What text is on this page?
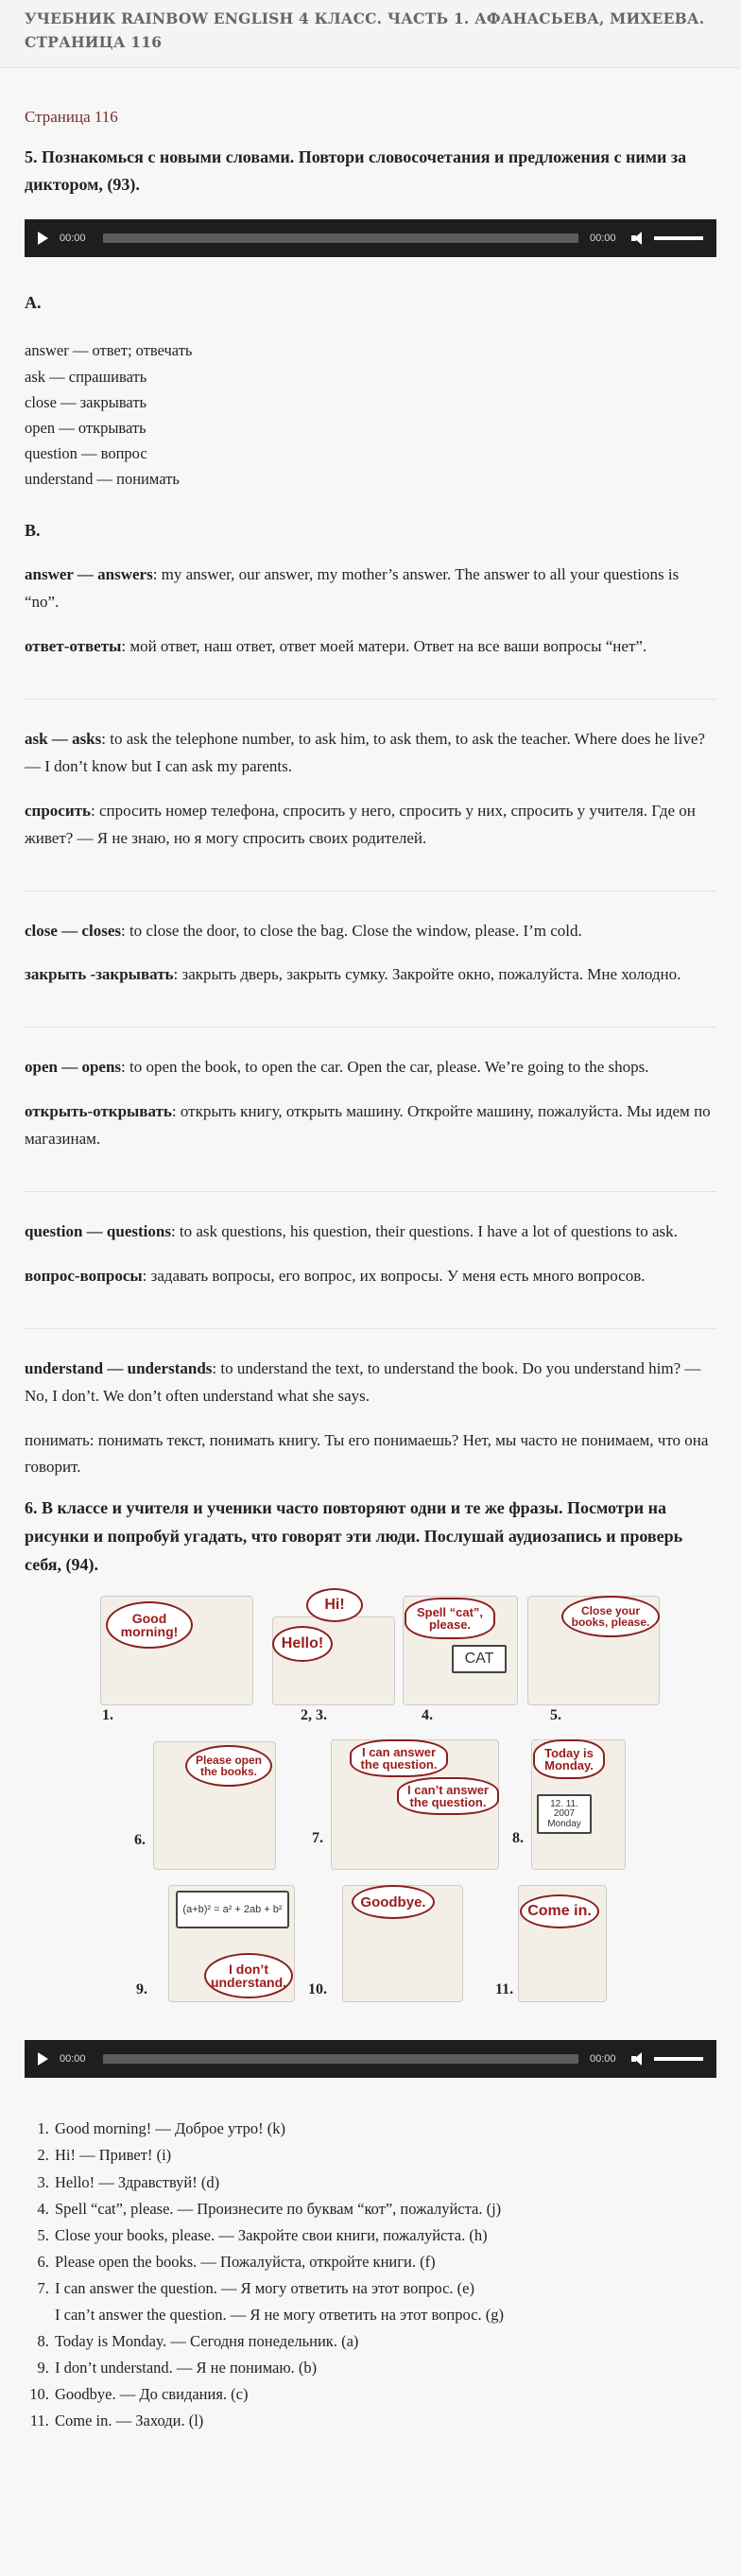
УЧЕБНИК RAINBOW ENGLISH 4 КЛАСС. ЧАСТЬ 1. АФАНАСЬЕВА, МИХЕЕВА. СТРАНИЦА 116
Страница 116
5. Познакомься с новыми словами. Повтори словосочетания и предложения с ними за диктором, (93).
00:00	00:00
А.
answer — ответ; отвечать
ask — спрашивать
close — закрывать
open — открывать
question — вопрос
understand — понимать
В.

answer — answers: my answer, our answer, my mother’s answer. The answer to all your questions is “no”.

ответ-ответы: мой ответ, наш ответ, ответ моей матери. Ответ на все ваши вопросы “нет”.

ask — asks: to ask the telephone number, to ask him, to ask them, to ask the teacher. Where does he live? — I don’t know but I can ask my parents.

спросить: спросить номер телефона, спросить у него, спросить у них, спросить у учителя. Где он живет? — Я не знаю, но я могу спросить своих родителей.

close — closes: to close the door, to close the bag. Close the window, please. I’m cold.

закрыть -закрывать: закрыть дверь, закрыть сумку. Закройте окно, пожалуйста. Мне холодно.

open — opens: to open the book, to open the car. Open the car, please. We’re going to the shops.

открыть-открывать: открыть книгу, открыть машину. Откройте машину, пожалуйста. Мы идем по магазинам.

question — questions: to ask questions, his question, their questions. I have a lot of questions to ask.

вопрос-вопросы: задавать вопросы, его вопрос, их вопросы. У меня есть много вопросов.

understand — understands: to understand the text, to understand the book. Do you understand him? — No, I don’t. We don’t often understand what she says.

понимать: понимать текст, понимать книгу. Ты его понимаешь? Нет, мы часто не понимаем, что она говорит.

6. В классе и учителя и ученики часто повторяют одни и те же фразы. Посмотри на рисунки и попробуй угадать, что говорят эти люди. Послушай аудиозапись и проверь себя, (94).
Good morning!
1.
Hi!
Hello!
2, 3.
Spell “cat”, please.
CAT
4.
Close your books, please.
5.
Please open the books.
6.
I can answer the question.
I can’t answer the question.
7.
Today is Monday.
12. 11. 2007 Monday
8.
(a+b)² = a² + 2ab + b²
I don’t understand.
9.
Goodbye.
10.
Come in.
11.
00:00	00:00
1. Good morning! — Доброе утро! (k)
2. Hi! — Привет! (i)
3. Hello! — Здравствуй! (d)
4. Spell “cat”, please. — Произнесите по буквам “кот”, пожалуйста. (j)
5. Close your books, please. — Закройте свои книги, пожалуйста. (h)
6. Please open the books. — Пожалуйста, откройте книги. (f)
7. I can answer the question. — Я могу ответить на этот вопрос. (e)
I can’t answer the question. — Я не могу ответить на этот вопрос. (g)
8. Today is Monday. — Сегодня понедельник. (a)
9. I don’t understand. — Я не понимаю. (b)
10. Goodbye. — До свидания. (c)
11. Come in. — Заходи. (l)
